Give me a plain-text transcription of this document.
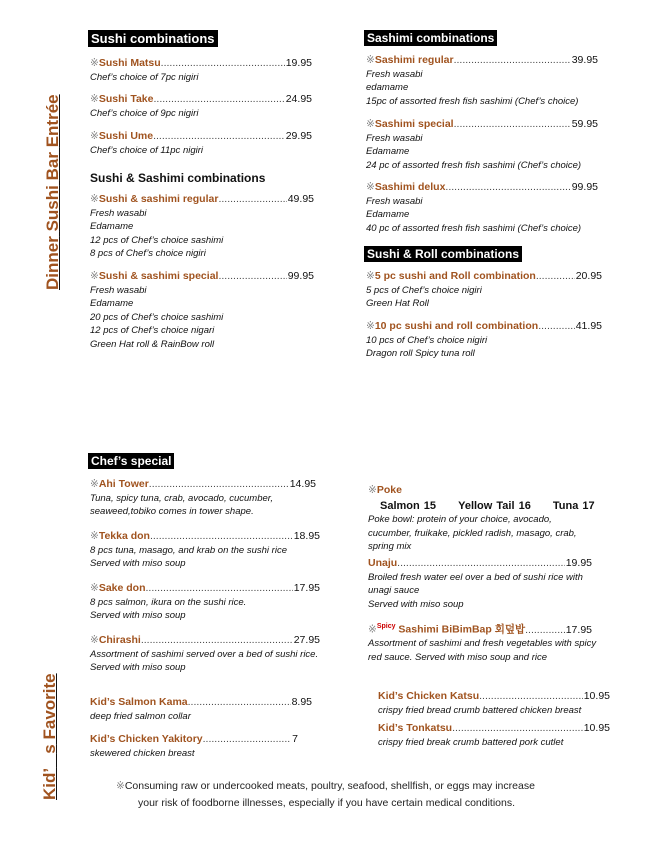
Dinner Sushi Bar Entrée
Kid’   s Favorite
Sushi combinations
Sushi & Sashimi combinations
Sashimi combinations
Sushi & Roll combinations
Chef’s special
※Sushi Matsu .....	19.95
Chef’s choice of 7pc nigiri
※Sushi Take .....	24.95
Chef’s choice of 9pc nigiri
※Sushi Ume .....	29.95
Chef’s choice of 11pc nigiri
※Sushi & sashimi regular .....	49.95
Fresh wasabi
Edamame
12 pcs of Chef’s choice sashimi
8 pcs of Chef’s choice nigiri
※Sushi & sashimi special .....	99.95
Fresh wasabi
Edamame
20 pcs of Chef’s choice sashimi
12 pcs of Chef’s choice nigari
Green Hat roll & RainBow roll
※Sashimi regular .....	39.95
Fresh wasabi
edamame
15pc of assorted fresh fish sashimi (Chef’s choice)
※Sashimi special .....	59.95
Fresh wasabi
Edamame
24 pc of assorted fresh fish sashimi (Chef’s choice)
※Sashimi delux .....	99.95
Fresh wasabi
Edamame
40 pc of assorted fresh fish sashimi (Chef’s choice)
※5 pc sushi and Roll combination .....	20.95
5 pcs of Chef’s choice nigiri
Green Hat Roll
※10 pc sushi and roll combination .....	41.95
10 pcs of Chef’s choice nigiri
Dragon roll Spicy tuna roll
※Ahi Tower .....	14.95
Tuna, spicy tuna, crab, avocado, cucumber,
seaweed,tobiko comes in tower shape.
※Tekka don .....	18.95
8 pcs tuna, masago, and krab on the sushi rice
Served with miso soup
※Sake don .....	17.95
8 pcs salmon, ikura on the sushi rice.
Served with miso soup
※Chirashi .....	27.95
Assortment of sashimi served over a bed of sushi rice.
Served with miso soup
※Poke
Salmon 15 Yellow Tail 16 Tuna 17
Poke bowl: protein of your choice, avocado,
cucumber, fruikake, pickled radish, masago, crab,
spring mix
Unaju .....	19.95
Broiled fresh water eel over a bed of sushi rice with
unagi sauce
Served with miso soup
※$^{Spicy}$ Sashimi BiBimBap 회덮밥 .....	17.95
Assortment of sashimi and fresh vegetables with spicy
red sauce. Served with miso soup and rice
Kid’s Salmon Kama .....	8.95
deep fried salmon collar
Kid’s Chicken Yakitory .....	7
skewered chicken breast
Kid’s Chicken Katsu .....	10.95
crispy fried bread crumb battered chicken breast
Kid’s Tonkatsu .....	10.95
crispy fried break crumb battered pork cutlet
※Consuming raw or undercooked meats, poultry, seafood, shellfish, or eggs may increase
your risk of foodborne illnesses, especially if you have certain medical conditions.
